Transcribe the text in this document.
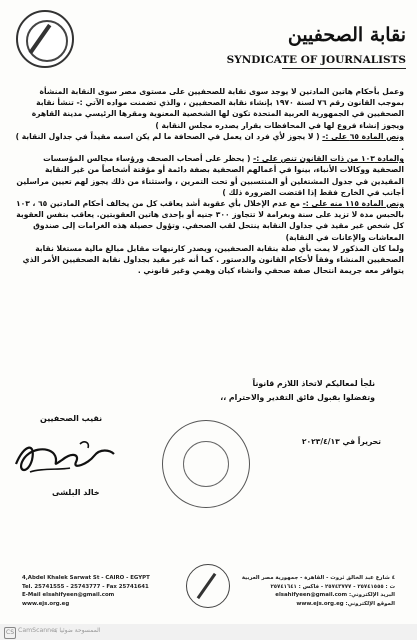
نقابة الصحفيين
SYNDICATE OF JOURNALISTS

وعمل بأحكام هاتين المادتين لا يوجد سوى نقابة للصحفيين على مستوى مصر سوى النقابة المنشأة بموجب القانون رقم ٧٦ لسنة ١٩٧٠ بإنشاء نقابة الصحفيين ، والذي تضمنت مواده الآتي :- تنشأ نقابة الصحفيين في الجمهورية العربية المتحدة تكون لها الشخصية المعنوية ومقرها الرئيسي مدينة القاهرة ويجوز إنشاء فروع لها في المحافظات بقرار يصدره مجلس النقابة )

ونص المادة ٦٥ على :- ( لا يجوز لأي فرد ان يعمل في الصحافة ما لم يكن اسمه مقيداً في جداول النقابة ) .

والمادة ١٠٣ من ذات القانون تنص على :- ( يحظر على أصحاب الصحف ورؤساء مجالس المؤسسات الصحفية ووكالات الأنباء، بينوا في أعمالهم الصحفية بصفة دائمة أو مؤقتة أشخاصاً من غير النقابة المقيدين في جدول المشتغلين أو المنتسبين أو تحت التمرين ، واستثناء من ذلك يجوز لهم تعيين مراسلين أجانب في الخارج فقط إذا اقتضت الضرورة ذلك )

ونص المادة ١١٥ منه على :- مع عدم الإخلال بأي عقوبة أشد يعاقب كل من يخالف أحكام المادتين ٦٥ ، ١٠٣ بالحبس مدة لا تزيد على سنة وبغرامة لا تتجاوز ٣٠٠ جنيه أو بإحدى هاتين العقوبتين. يعاقب بنفس العقوبة كل شخص غير مقيد في جداول النقابة ينتحل لقب الصحفي. وتؤول حصيلة هذه الغرامات إلى صندوق المعاشات والإعانات في النقابة)

ولما كان المذكور لا يمت بأي صلة بنقابة الصحفيين، ويصدر كارنيهات مقابل مبالغ مالية مستغلا نقابة الصحفيين المنشاء وفقاً لأحكام القانون والدستور . كما أنه غير مقيد بجداول نقابة الصحفيين الأمر الذي يتوافر معه جريمة انتحال صفة صحفي وانشاء كيان وهمي وغير قانوني .

نلجأ لمعاليكم لاتخاذ اللازم قانوناً
وتفضلوا بقبول فائق التقدير والاحترام ،،
نقيب الصحفيين
خالد البلشى
تحريراً في ٢٠٢٣/٤/١٣
4,Abdel Khalek Sarwat St - CAIRO - EGYPT
Tel. 25741555 - 25743777 - Fax 25741641
E-Mail elsahifyeen@gmail.com
www.ejs.org.eg
٤ شارع عبد الخالق ثروت - القاهرة - جمهورية مصر العربية
ت : ٢٥٧٤١٥٥٥ - ٢٥٧٤٣٧٧٧ - فاكس : ٢٥٧٤١٦٤١
البريد الإلكتروني: elsahifyeen@gmail.com
الموقع الإلكتروني: www.ejs.org.eg
CS CamScanner
الممسوحة ضوئيا بـ
